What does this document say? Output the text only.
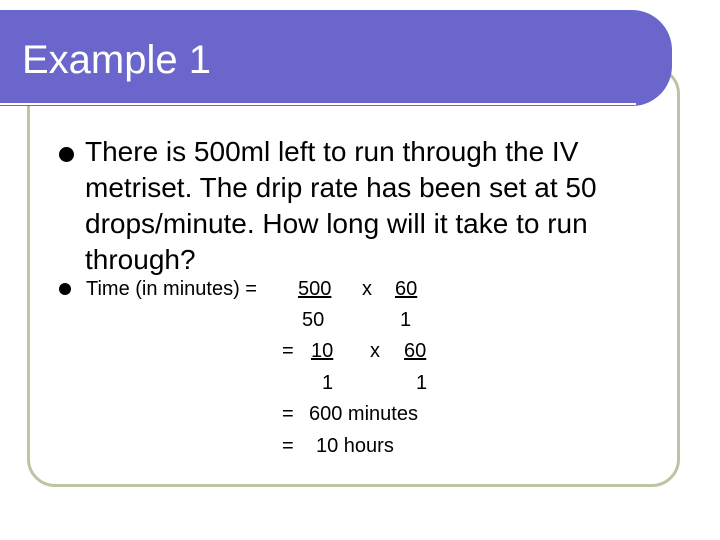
Example 1
There is 500ml left to run through the IV metriset. The drip rate has been set at 50 drops/minute. How long will it take to run through?
Time (in minutes) = 500 x 60
50	1
= 10 x 60
1	1
= 600 minutes
= 10 hours
